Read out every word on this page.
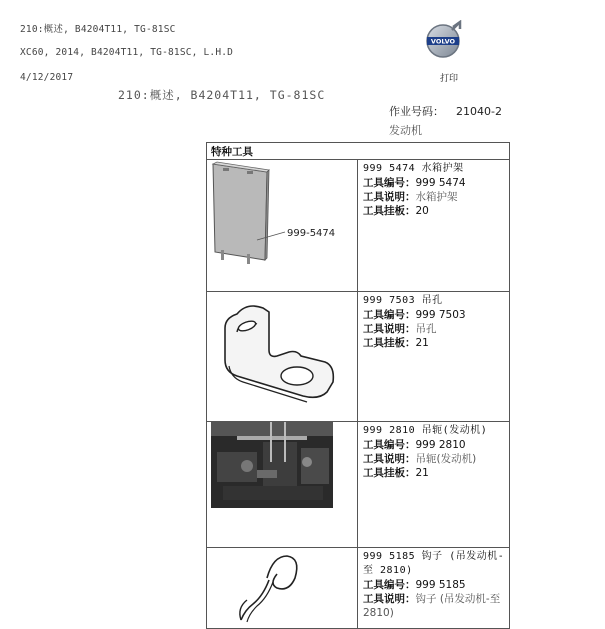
210:概述, B4204T11, TG-81SC
XC60, 2014, B4204T11, TG-81SC, L.H.D
4/12/2017
VOLVO
打印
210:概述, B4204T11, TG-81SC
作业号码： 21040-2
发动机
特种工具	

999-5474	999 5474 水箱护架
工具编号：999 5474
工具说明：水箱护架
工具挂板：20

999 7503 吊孔
工具编号：999 7503
工具说明：吊孔
工具挂板：21

999 2810 吊轭(发动机)
工具编号：999 2810
工具说明：吊轭(发动机)
工具挂板：21

999 5185 钩子 (吊发动机-至 2810)
工具编号：999 5185
工具说明：钩子 (吊发动机-至 2810)
